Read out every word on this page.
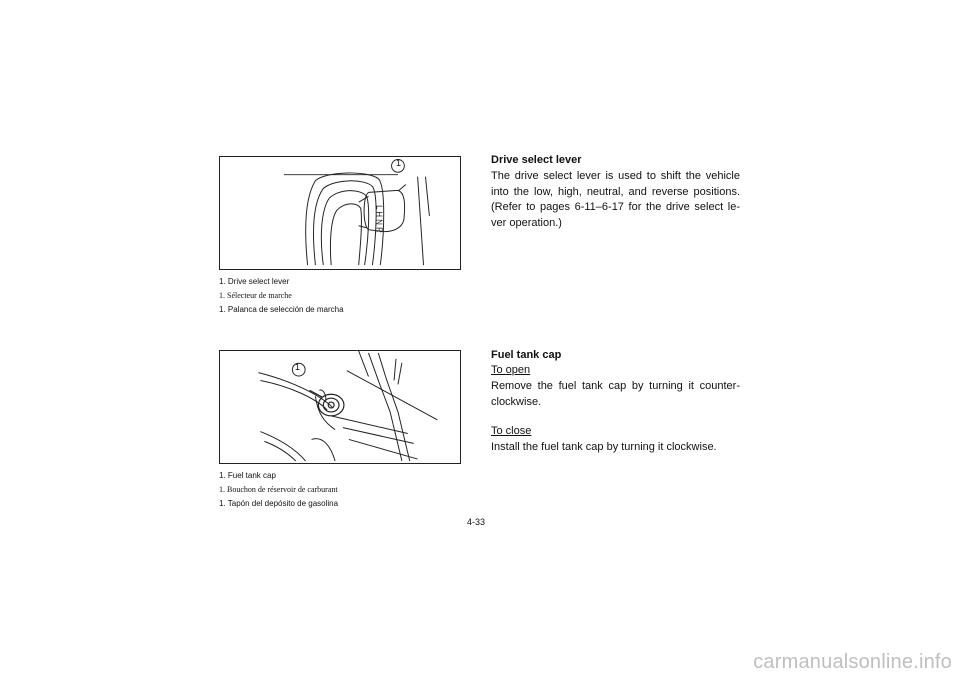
L H N R
1
1. Drive select lever
1. Sélecteur de marche
1. Palanca de selección de marcha
1
1. Fuel tank cap
1. Bouchon de réservoir de carburant
1. Tapón del depósito de gasolina
Drive select lever
The drive select lever is used to shift the vehicle into the low, high, neutral, and reverse positions. (Refer to pages 6-11–6-17 for the drive select le-ver operation.)
Fuel tank cap
To open
Remove the fuel tank cap by turning it counter-clockwise.
To close
Install the fuel tank cap by turning it clockwise.
4-33
carmanualsonline.info
